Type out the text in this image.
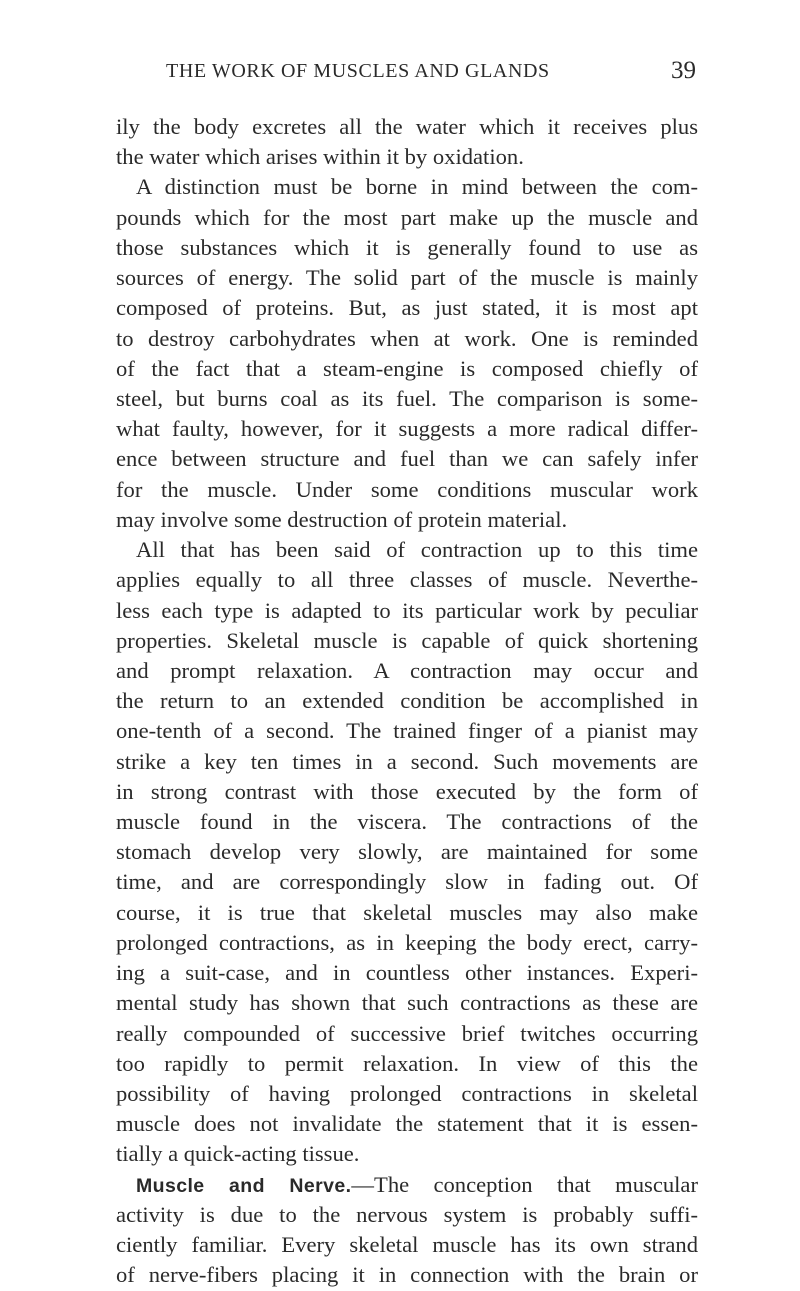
THE WORK OF MUSCLES AND GLANDS	39
ily the body excretes all the water which it receives plus
the water which arises within it by oxidation.
A distinction must be borne in mind between the com-
pounds which for the most part make up the muscle and
those substances which it is generally found to use as
sources of energy. The solid part of the muscle is mainly
composed of proteins. But, as just stated, it is most apt
to destroy carbohydrates when at work. One is reminded
of the fact that a steam-engine is composed chiefly of
steel, but burns coal as its fuel. The comparison is some-
what faulty, however, for it suggests a more radical differ-
ence between structure and fuel than we can safely infer
for the muscle. Under some conditions muscular work
may involve some destruction of protein material.
All that has been said of contraction up to this time
applies equally to all three classes of muscle. Neverthe-
less each type is adapted to its particular work by peculiar
properties. Skeletal muscle is capable of quick shortening
and prompt relaxation. A contraction may occur and
the return to an extended condition be accomplished in
one-tenth of a second. The trained finger of a pianist may
strike a key ten times in a second. Such movements are
in strong contrast with those executed by the form of
muscle found in the viscera. The contractions of the
stomach develop very slowly, are maintained for some
time, and are correspondingly slow in fading out. Of
course, it is true that skeletal muscles may also make
prolonged contractions, as in keeping the body erect, carry-
ing a suit-case, and in countless other instances. Experi-
mental study has shown that such contractions as these are
really compounded of successive brief twitches occurring
too rapidly to permit relaxation. In view of this the
possibility of having prolonged contractions in skeletal
muscle does not invalidate the statement that it is essen-
tially a quick-acting tissue.
Muscle and Nerve.—The conception that muscular
activity is due to the nervous system is probably suffi-
ciently familiar. Every skeletal muscle has its own strand
of nerve-fibers placing it in connection with the brain or
